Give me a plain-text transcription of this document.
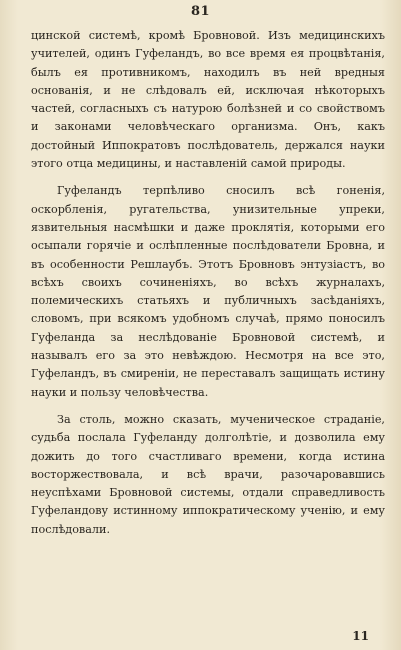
81

цинской системѣ, кромѣ Бровновой. Изъ медицинскихъ учителей, одинъ Гуфеландъ, во все время ея процвѣтанія, былъ ея противникомъ, находилъ въ ней вредныя основанія, и не слѣдовалъ ей, исключая нѣкоторыхъ частей, согласныхъ съ натурою болѣзней и со свойствомъ и законами человѣческаго организма. Онъ, какъ достойный Иппократовъ послѣдователь, держался науки этого отца медицины, и наставленій самой природы.

Гуфеландъ терпѣливо сносилъ всѣ гоненія, оскорбленія, ругательства, унизительные упреки, язвительныя насмѣшки и даже проклятія, которыми его осыпали горячіе и ослѣпленные послѣдователи Бровна, и въ особенности Решлаубъ. Этотъ Бровновъ энтузіастъ, во всѣхъ своихъ сочиненіяхъ, во всѣхъ журналахъ, полемическихъ статьяхъ и публичныхъ засѣданіяхъ, словомъ, при всякомъ удобномъ случаѣ, прямо поносилъ Гуфеланда за неслѣдованіе Бровновой системѣ, и называлъ его за это невѣждою. Несмотря на все это, Гуфеландъ, въ смиреніи, не переставалъ защищать истину науки и пользу человѣчества.

За столь, можно сказать, мученическое страданіе, судьба послала Гуфеланду долголѣтіе, и дозволила ему дожить до того счастливаго времени, когда истина восторжествовала, и всѣ врачи, разочаровавшись неуспѣхами Бровновой системы, отдали справедливость Гуфеландову истинному иппократическому ученію, и ему послѣдовали.

11
